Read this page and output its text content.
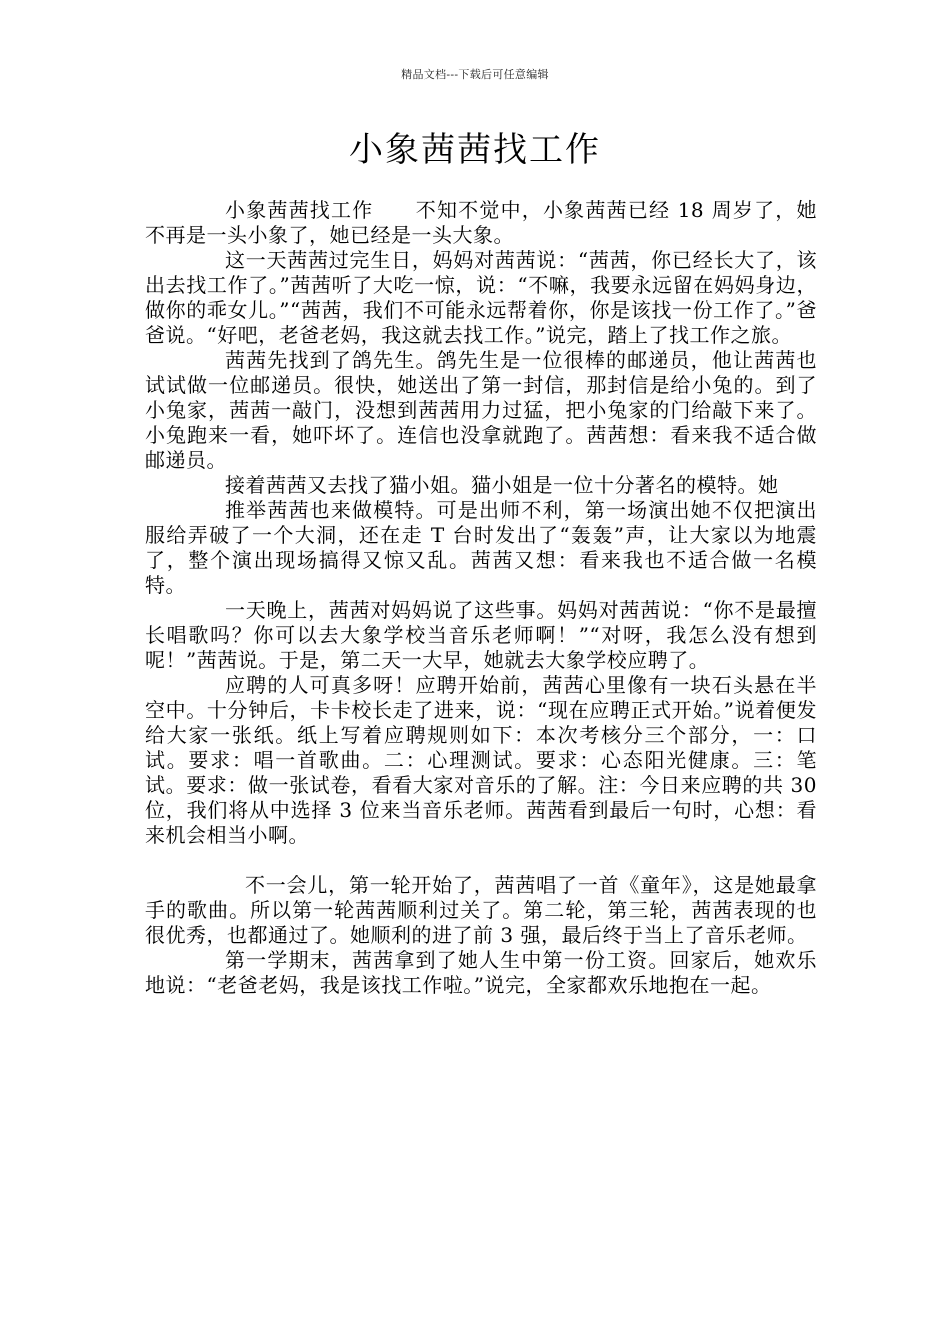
精品文档---下载后可任意编辑
小象茜茜找工作

小象茜茜找工作　　不知不觉中，小象茜茜已经 18 周岁了，她不再是一头小象了，她已经是一头大象。

这一天茜茜过完生日，妈妈对茜茜说：“茜茜，你已经长大了，该出去找工作了。”茜茜听了大吃一惊，说：“不嘛，我要永远留在妈妈身边，做你的乖女儿。”“茜茜，我们不可能永远帮着你，你是该找一份工作了。”爸爸说。“好吧，老爸老妈，我这就去找工作。”说完，踏上了找工作之旅。

茜茜先找到了鸽先生。鸽先生是一位很棒的邮递员，他让茜茜也试试做一位邮递员。很快，她送出了第一封信，那封信是给小兔的。到了小兔家，茜茜一敲门，没想到茜茜用力过猛，把小兔家的门给敲下来了。小兔跑来一看，她吓坏了。连信也没拿就跑了。茜茜想：看来我不适合做邮递员。

接着茜茜又去找了猫小姐。猫小姐是一位十分著名的模特。她

推举茜茜也来做模特。可是出师不利，第一场演出她不仅把演出服给弄破了一个大洞，还在走 T 台时发出了“轰轰”声，让大家以为地震了，整个演出现场搞得又惊又乱。茜茜又想：看来我也不适合做一名模特。

一天晚上，茜茜对妈妈说了这些事。妈妈对茜茜说：“你不是最擅长唱歌吗？你可以去大象学校当音乐老师啊！”“对呀，我怎么没有想到呢！”茜茜说。于是，第二天一大早，她就去大象学校应聘了。

应聘的人可真多呀！应聘开始前，茜茜心里像有一块石头悬在半空中。十分钟后，卡卡校长走了进来，说：“现在应聘正式开始。”说着便发给大家一张纸。纸上写着应聘规则如下：本次考核分三个部分，一：口试。要求：唱一首歌曲。二：心理测试。要求：心态阳光健康。三：笔试。要求：做一张试卷，看看大家对音乐的了解。注：今日来应聘的共 30 位，我们将从中选择 3 位来当音乐老师。茜茜看到最后一句时，心想：看来机会相当小啊。

不一会儿，第一轮开始了，茜茜唱了一首《童年》，这是她最拿手的歌曲。所以第一轮茜茜顺利过关了。第二轮，第三轮，茜茜表现的也很优秀，也都通过了。她顺利的进了前 3 强，最后终于当上了音乐老师。

第一学期末，茜茜拿到了她人生中第一份工资。回家后，她欢乐地说：“老爸老妈，我是该找工作啦。”说完，全家都欢乐地抱在一起。
